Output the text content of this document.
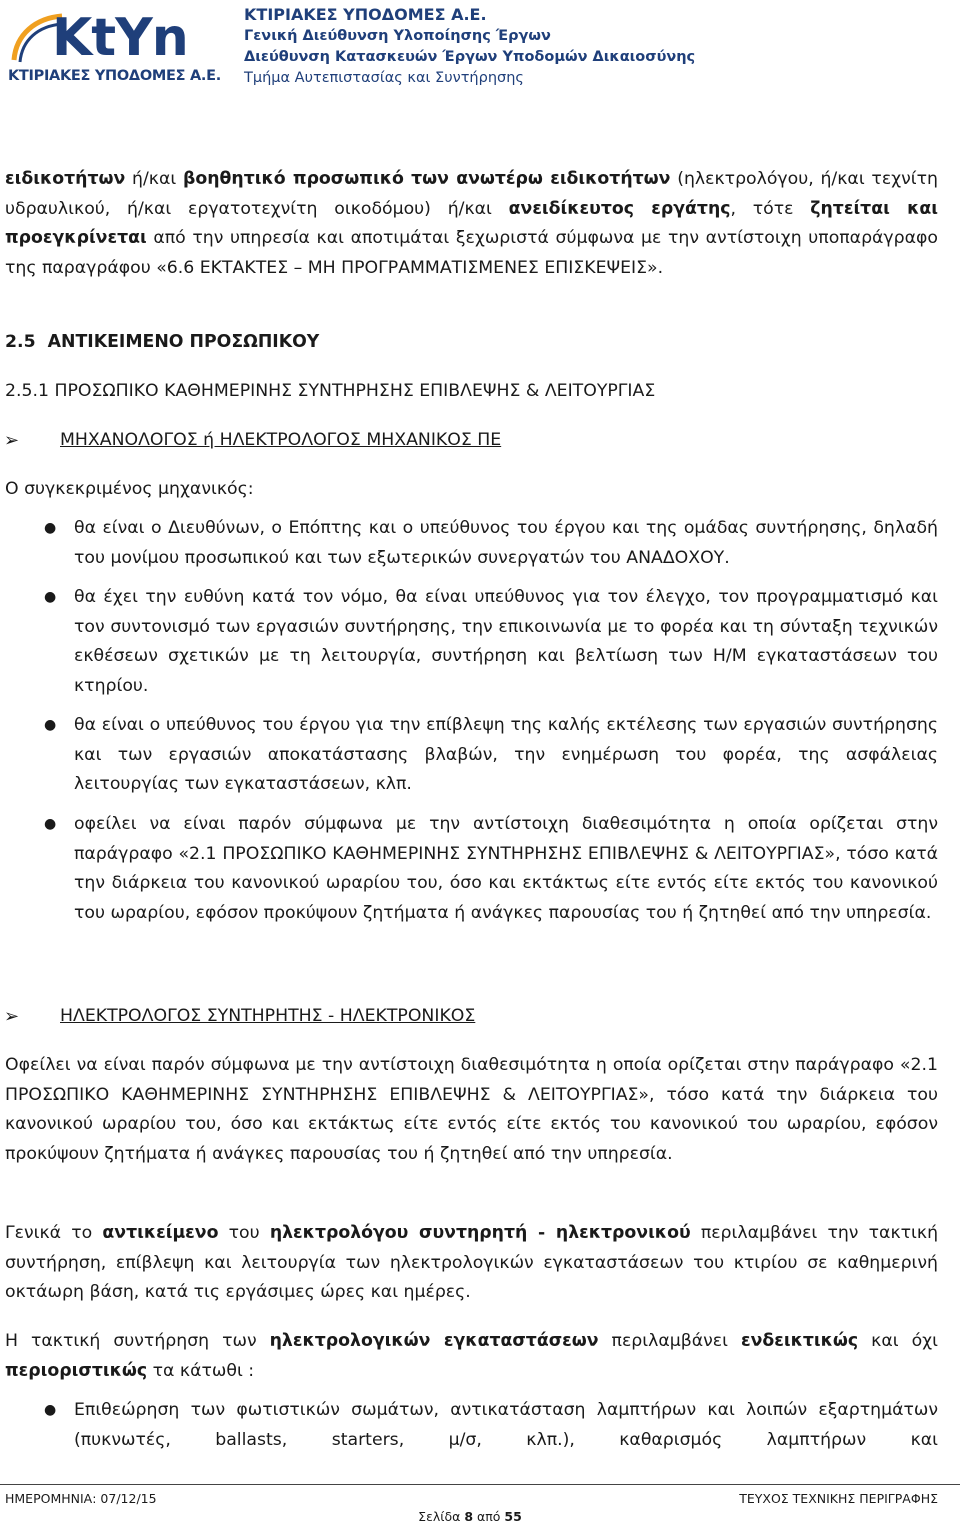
KtYn
ΚΤΙΡΙΑΚΕΣ ΥΠΟΔΟΜΕΣ Α.Ε.
ΚΤΙΡΙΑΚΕΣ ΥΠΟΔΟΜΕΣ Α.Ε.
Γενική Διεύθυνση Υλοποίησης Έργων
Διεύθυνση Κατασκευών Έργων Υποδομών Δικαιοσύνης
Τμήμα Αυτεπιστασίας και Συντήρησης
ειδικοτήτων ή/και βοηθητικό προσωπικό των ανωτέρω ειδικοτήτων (ηλεκτρολόγου, ή/και τεχνίτη υδραυλικού, ή/και εργατοτεχνίτη οικοδόμου) ή/και ανειδίκευτος εργάτης, τότε ζητείται και προεγκρίνεται από την υπηρεσία και αποτιμάται ξεχωριστά σύμφωνα με την αντίστοιχη υποπαράγραφο της παραγράφου «6.6 ΕΚΤΑΚΤΕΣ – ΜΗ ΠΡΟΓΡΑΜΜΑΤΙΣΜΕΝΕΣ ΕΠΙΣΚΕΨΕΙΣ».
2.5  ΑΝΤΙΚΕΙΜΕΝΟ ΠΡΟΣΩΠΙΚΟΥ
2.5.1 ΠΡΟΣΩΠΙΚΟ ΚΑΘΗΜΕΡΙΝΗΣ ΣΥΝΤΗΡΗΣΗΣ ΕΠΙΒΛΕΨΗΣ & ΛΕΙΤΟΥΡΓΙΑΣ
➢ ΜΗΧΑΝΟΛΟΓΟΣ ή ΗΛΕΚΤΡΟΛΟΓΟΣ ΜΗΧΑΝΙΚΟΣ ΠΕ
Ο συγκεκριμένος μηχανικός:
● θα είναι ο Διευθύνων, ο Επόπτης και ο υπεύθυνος του έργου και της ομάδας συντήρησης, δηλαδή του μονίμου προσωπικού και των εξωτερικών συνεργατών του ΑΝΑΔΟΧΟΥ.
● θα έχει την ευθύνη κατά τον νόμο, θα είναι υπεύθυνος για τον έλεγχο, τον προγραμματισμό και τον συντονισμό των εργασιών συντήρησης, την επικοινωνία με το φορέα και τη σύνταξη τεχνικών εκθέσεων σχετικών με τη λειτουργία, συντήρηση και βελτίωση των Η/Μ εγκαταστάσεων του κτηρίου.
● θα είναι ο υπεύθυνος του έργου για την επίβλεψη της καλής εκτέλεσης των εργασιών συντήρησης και των εργασιών αποκατάστασης βλαβών, την ενημέρωση του φορέα, της ασφάλειας λειτουργίας των εγκαταστάσεων, κλπ.
● οφείλει να είναι παρόν σύμφωνα με την αντίστοιχη διαθεσιμότητα η οποία ορίζεται στην παράγραφο «2.1 ΠΡΟΣΩΠΙΚΟ ΚΑΘΗΜΕΡΙΝΗΣ ΣΥΝΤΗΡΗΣΗΣ ΕΠΙΒΛΕΨΗΣ & ΛΕΙΤΟΥΡΓΙΑΣ», τόσο κατά την διάρκεια του κανονικού ωραρίου του, όσο και εκτάκτως είτε εντός είτε εκτός του κανονικού του ωραρίου, εφόσον προκύψουν ζητήματα ή ανάγκες παρουσίας του ή ζητηθεί από την υπηρεσία.
➢ ΗΛΕΚΤΡΟΛΟΓΟΣ ΣΥΝΤΗΡΗΤΗΣ - ΗΛΕΚΤΡΟΝΙΚΟΣ
Οφείλει να είναι παρόν σύμφωνα με την αντίστοιχη διαθεσιμότητα η οποία ορίζεται στην παράγραφο «2.1 ΠΡΟΣΩΠΙΚΟ ΚΑΘΗΜΕΡΙΝΗΣ ΣΥΝΤΗΡΗΣΗΣ ΕΠΙΒΛΕΨΗΣ & ΛΕΙΤΟΥΡΓΙΑΣ», τόσο κατά την διάρκεια του κανονικού ωραρίου του, όσο και εκτάκτως είτε εντός είτε εκτός του κανονικού του ωραρίου, εφόσον προκύψουν ζητήματα ή ανάγκες παρουσίας του ή ζητηθεί από την υπηρεσία.
Γενικά το αντικείμενο του ηλεκτρολόγου συντηρητή - ηλεκτρονικού περιλαμβάνει την τακτική συντήρηση, επίβλεψη και λειτουργία των ηλεκτρολογικών εγκαταστάσεων του κτιρίου σε καθημερινή οκτάωρη βάση, κατά τις εργάσιμες ώρες και ημέρες.
Η τακτική συντήρηση των ηλεκτρολογικών εγκαταστάσεων περιλαμβάνει ενδεικτικώς και όχι περιοριστικώς τα κάτωθι :
● Επιθεώρηση των φωτιστικών σωμάτων, αντικατάσταση λαμπτήρων και λοιπών εξαρτημάτων (πυκνωτές, ballasts, starters, μ/σ, κλπ.), καθαρισμός λαμπτήρων και
ΗΜΕΡΟΜΗΝΙΑ: 07/12/15	ΤΕΥΧΟΣ ΤΕΧΝΙΚΗΣ ΠΕΡΙΓΡΑΦΗΣ
Σελίδα 8 από 55
